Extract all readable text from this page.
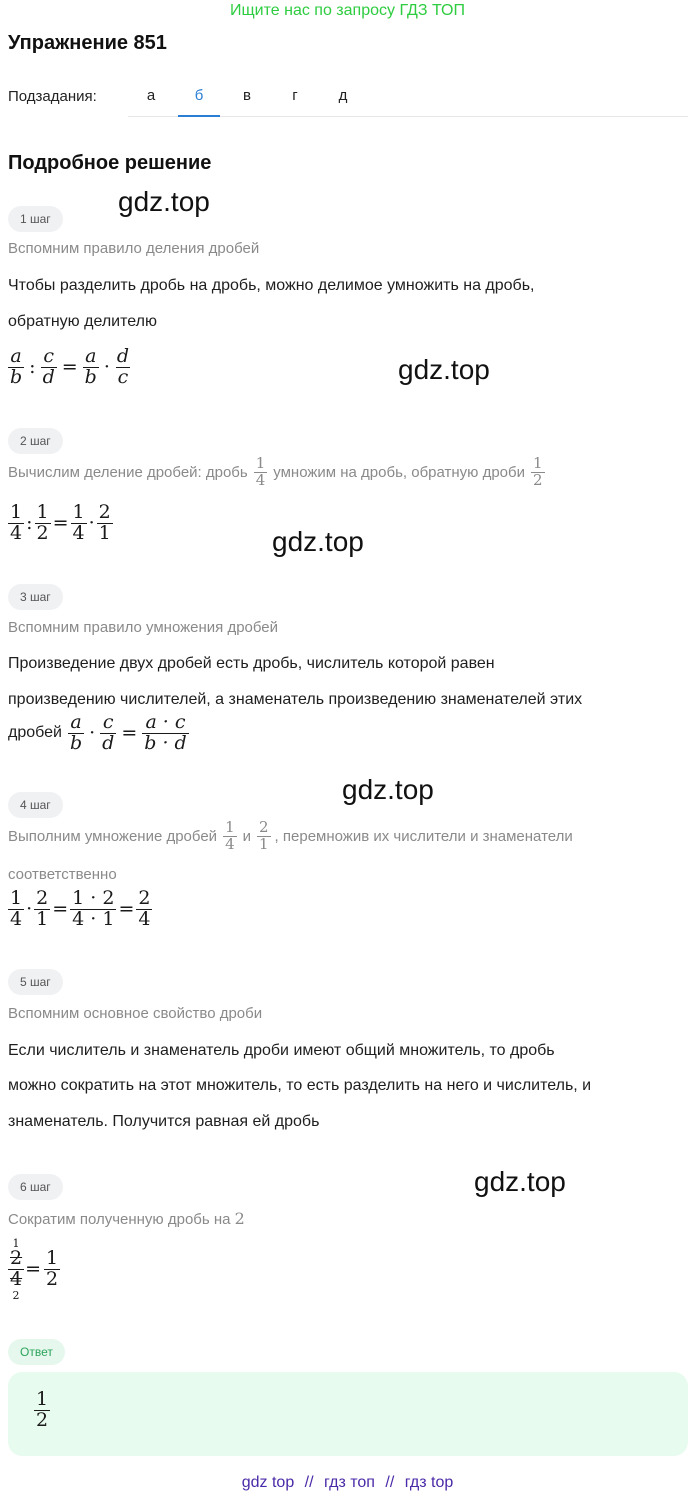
Ищите нас по запросу ГДЗ ТОП
Упражнение 851
Подзадания:	а	б	в	г	д
Подробное решение
gdz.top
gdz.top
gdz.top
gdz.top
gdz.top
1 шаг
Вспомним правило деления дробей
Чтобы разделить дробь на дробь, можно делимое умножить на дробь,
обратную делителю
$\frac{a}{b}$ : $\frac{c}{d} = \frac{a}{b} \cdot \frac{d}{c}$
2 шаг
Вычислим деление дробей: дробь $\frac{1}{4}$ умножим на дробь, обратную дроби $\frac{1}{2}$
$\frac{1}{4}$ : $\frac{1}{2} = \frac{1}{4} \cdot \frac{2}{1}$
3 шаг
Вспомним правило умножения дробей
Произведение двух дробей есть дробь, числитель которой равен
произведению числителей, а знаменатель произведению знаменателей этих
дробей $\frac{a}{b} \cdot \frac{c}{d} = \frac{a \cdot c}{b \cdot d}$
4 шаг
Выполним умножение дробей $\frac{1}{4}$ и $\frac{2}{1}$ , перемножив их числители и знаменатели
соответственно
$\frac{1}{4} \cdot \frac{2}{1} = \frac{1 \cdot 2}{4 \cdot 1} = \frac{2}{4}$
5 шаг
Вспомним основное свойство дроби
Если числитель и знаменатель дроби имеют общий множитель, то дробь
можно сократить на этот множитель, то есть разделить на него и числитель, и
знаменатель. Получится равная ей дробь
6 шаг
Сократим полученную дробь на 2
1
$\frac{2}{4}$
2
= $\frac{1}{2}$
Ответ
$\frac{1}{2}$
gdz top // гдз топ // гдз top
